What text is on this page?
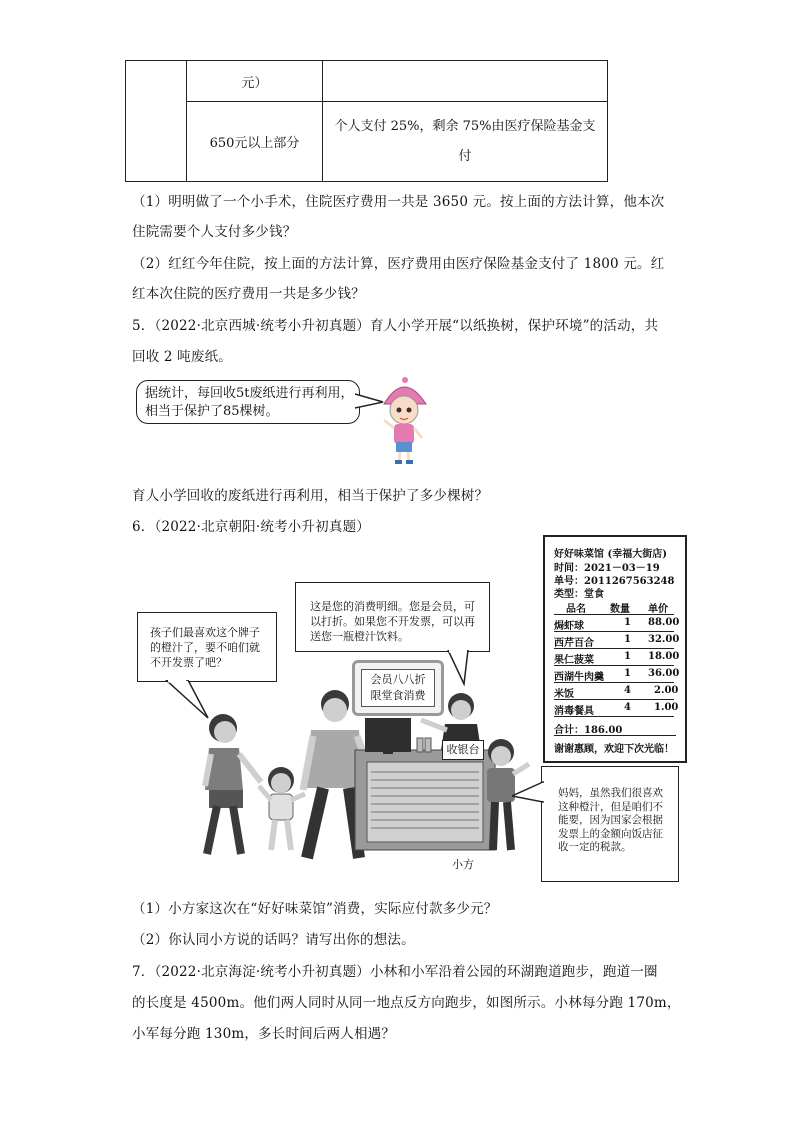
	元）	
	650元以上部分	个人支付 25%，剩余 75%由医疗保险基金支
付
（1）明明做了一个小手术，住院医疗费用一共是 3650 元。按上面的方法计算，他本次
住院需要个人支付多少钱？
（2）红红今年住院，按上面的方法计算，医疗费用由医疗保险基金支付了 1800 元。红
红本次住院的医疗费用一共是多少钱？
5．（2022·北京西城·统考小升初真题）育人小学开展“以纸换树，保护环境”的活动，共
回收 2 吨废纸。
据统计，每回收5t废纸进行再利用，
相当于保护了85棵树。
育人小学回收的废纸进行再利用，相当于保护了多少棵树？
6．（2022·北京朝阳·统考小升初真题）
孩子们最喜欢这个牌子
的橙汁了，要不咱们就
不开发票了吧？
这是您的消费明细。您是会员，可
以打折。如果您不开发票，可以再
送您一瓶橙汁饮料。
会员八八折
限堂食消费
收银台
小方
好好味菜馆 (幸福大街店)
时间：2021－03－19
单号：2011267563248
类型：堂食
品名 数量 单价
焗虾球	1 88.00
西芹百合	1 32.00
果仁菠菜	1 18.00
西湖牛肉羹 1 36.00
米饭	4 2.00
消毒餐具	4 1.00
合计：186.00
谢谢惠顾，欢迎下次光临！
妈妈，虽然我们很喜欢
这种橙汁，但是咱们不
能要，因为国家会根据
发票上的金额向饭店征
收一定的税款。
（1）小方家这次在“好好味菜馆”消费，实际应付款多少元？
（2）你认同小方说的话吗？请写出你的想法。
7．（2022·北京海淀·统考小升初真题）小林和小军沿着公园的环湖跑道跑步，跑道一圈
的长度是 4500m。他们两人同时从同一地点反方向跑步，如图所示。小林每分跑 170m，
小军每分跑 130m，多长时间后两人相遇？
